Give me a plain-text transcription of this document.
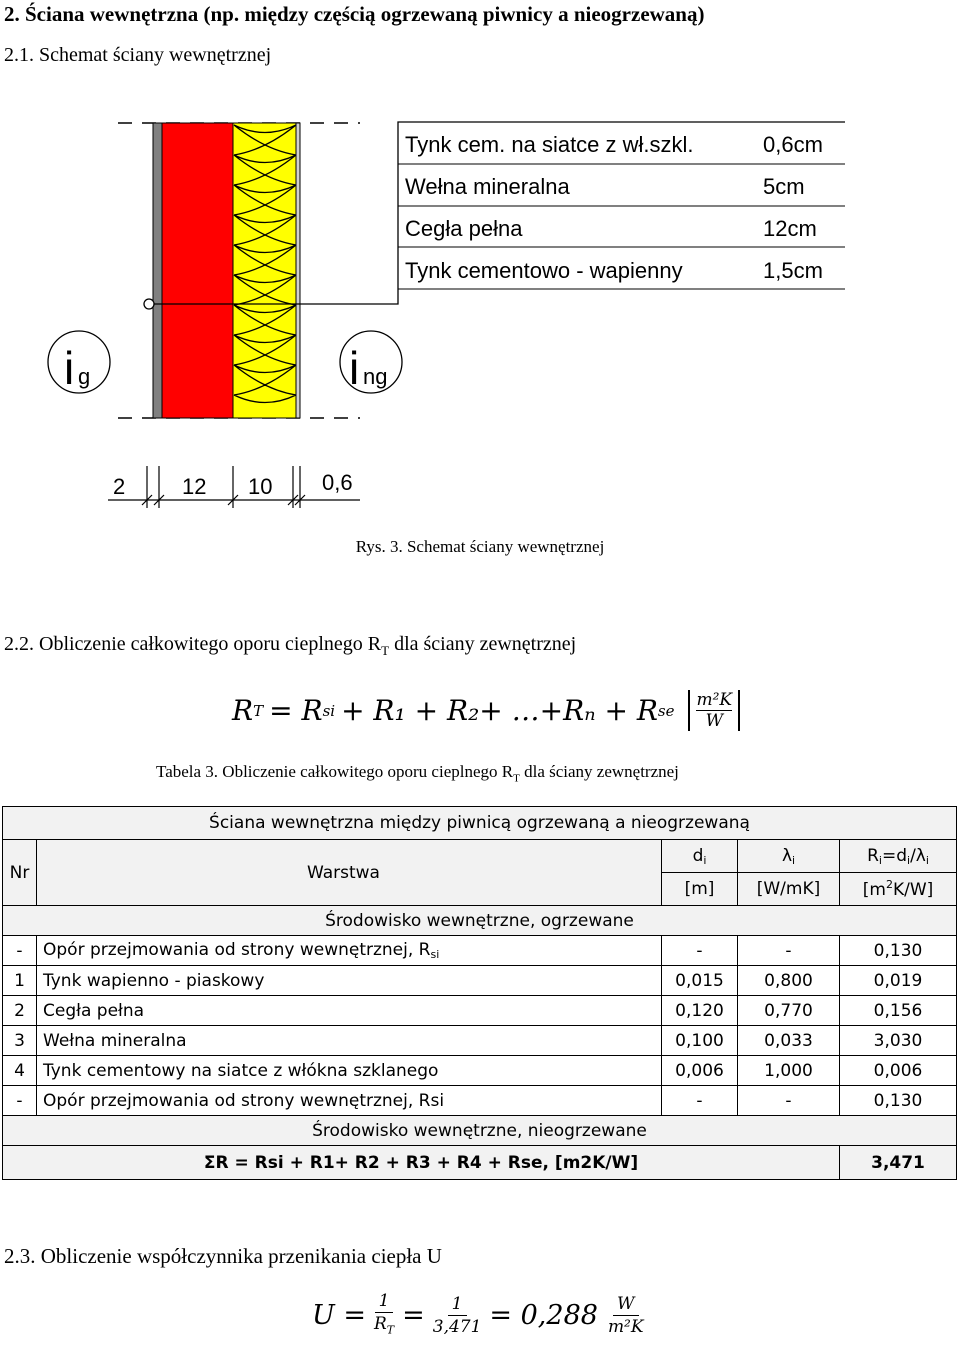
2. Ściana wewnętrzna (np. między częścią ogrzewaną piwnicy a nieogrzewaną)
2.1. Schemat ściany wewnętrznej
Tynk cem. na siatce z wł.szkl.	0,6cm
Wełna mineralna	5cm
Cegła pełna	12cm
Tynk cementowo - wapienny	1,5cm
i g	i ng
2	12 10 0,6
Rys. 3. Schemat ściany wewnętrznej
2.2. Obliczenie całkowitego oporu cieplnego $R_T$ dla ściany zewnętrznej
R T = R si + R₁ + R₂+ …+Rₙ + R se
m²K
W
Tabela 3. Obliczenie całkowitego oporu cieplnego $R_T$ dla ściany zewnętrznej
Ściana wewnętrzna między piwnicą ogrzewaną a nieogrzewaną				
Nr	Warstwa	$d_i$	$\lambda_i$	$R_i=d_i/\lambda_i$
		[m]	[W/mK]	$[m^2K/W]$
Środowisko wewnętrzne, ogrzewane				
-	Opór przejmowania od strony wewnętrznej, $R_{si}$	-	-	0,130
1	Tynk wapienno - piaskowy	0,015	0,800	0,019
2	Cegła pełna	0,120	0,770	0,156
3	Wełna mineralna	0,100	0,033	3,030
4	Tynk cementowy na siatce z włókna szklanego	0,006	1,000	0,006
-	Opór przejmowania od strony wewnętrznej, Rsi	-	-	0,130
Środowisko wewnętrzne, nieogrzewane				
ΣR = Rsi + R1+ R2 + R3 + R4 + Rse, [m2K/W]				3,471
2.3. Obliczenie współczynnika przenikania ciepła U
$U = \frac{1}{R_T} = \frac{1}{3,471} = 0,288$ W
m²K
